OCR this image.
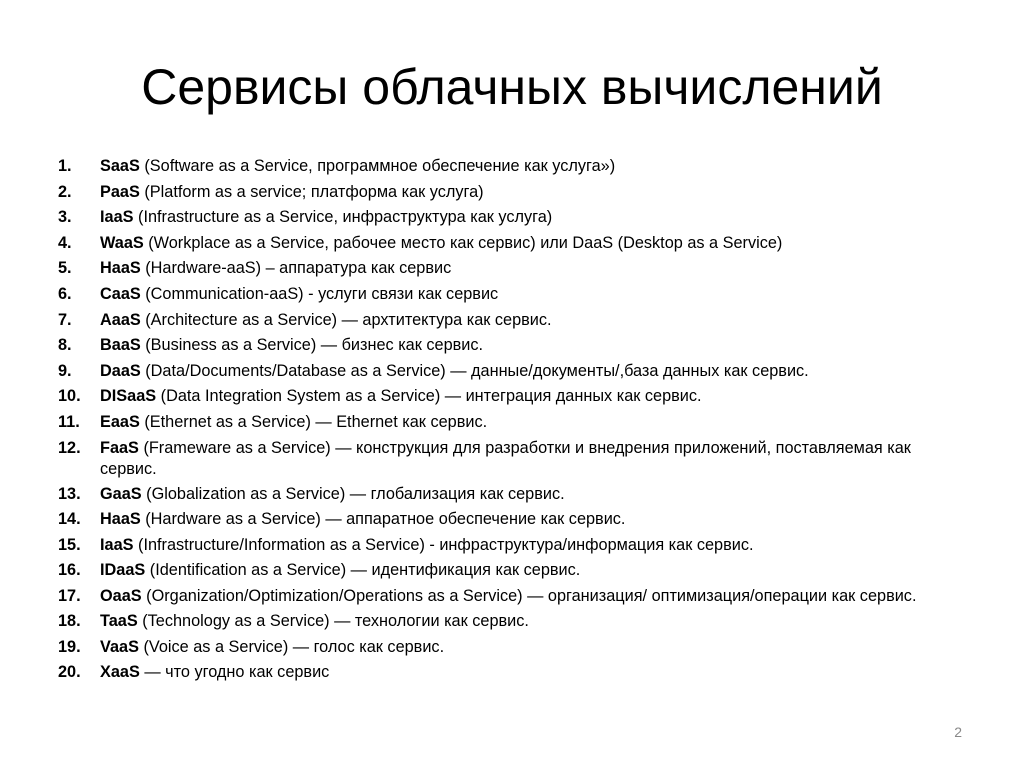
Сервисы облачных вычислений
1. SaaS (Software as a Service, программное обеспечение как услуга»)
2. PaaS (Platform as a service; платформа как услуга)
3. IaaS (Infrastructure as a Service, инфраструктура как услуга)
4. WaaS (Workplace as a Service, рабочее место как сервис) или DaaS (Desktop as a Service)
5. HaaS (Hardware-aaS) – аппаратура как сервис
6. CaaS (Communication-aaS) - услуги связи как сервис
7. AaaS (Architecture as a Service) — архтитектура как сервис.
8. BaaS (Business as a Service) — бизнес как сервис.
9. DaaS (Data/Documents/Database as a Service) — данные/документы/,база данных как сервис.
10. DISaaS (Data Integration System as a Service) — интеграция данных как сервис.
11. EaaS (Ethernet as a Service) — Ethernet как сервис.
12. FaaS (Frameware as a Service) — конструкция для разработки и внедрения приложений, поставляемая как сервис.
13. GaaS (Globalization as a Service) — глобализация как сервис.
14. HaaS (Hardware as a Service) — аппаратное обеспечение как сервис.
15. IaaS (Infrastructure/Information as a Service) - инфраструктура/информация как сервис.
16. IDaaS (Identification as a Service) — идентификация как сервис.
17. OaaS (Organization/Optimization/Operations as a Service) — организация/ оптимизация/операции как сервис.
18. TaaS (Technology as a Service) — технологии как сервис.
19. VaaS (Voice as a Service) — голос как сервис.
20. XaaS — что угодно как сервис
2
